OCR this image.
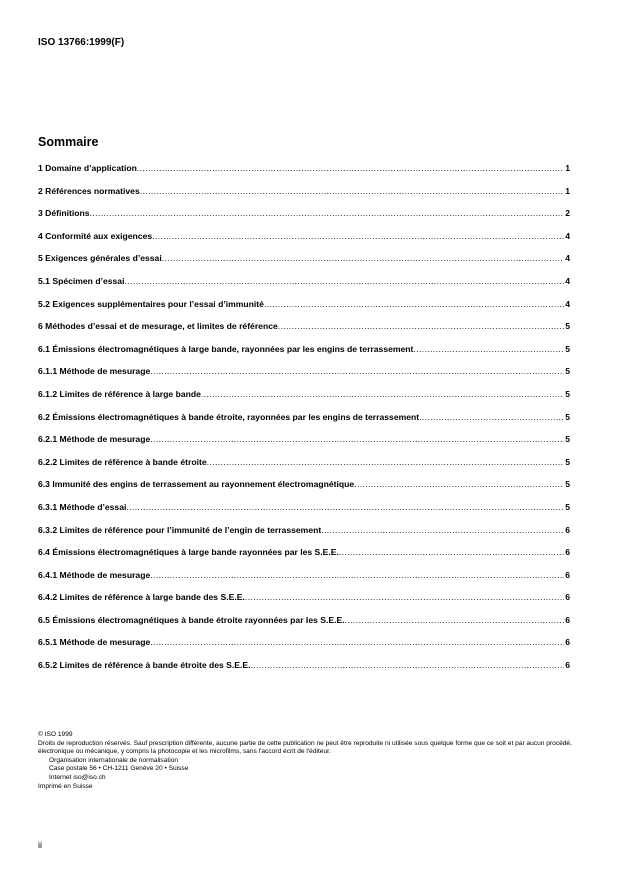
ISO 13766:1999(F)
Sommaire
1 Domaine d’application .....	1
2 Références normatives .....	1
3 Définitions .....	2
4 Conformité aux exigences .....	4
5 Exigences générales d’essai .....	4
5.1 Spécimen d’essai .....	4
5.2 Exigences supplémentaires pour l’essai d’immunité .....	4
6 Méthodes d’essai et de mesurage, et limites de référence .....	5
6.1 Émissions électromagnétiques à large bande, rayonnées par les engins de terrassement .....	5
6.1.1 Méthode de mesurage .....	5
6.1.2 Limites de référence à large bande .....	5
6.2 Émissions électromagnétiques à bande étroite, rayonnées par les engins de terrassement .....	5
6.2.1 Méthode de mesurage .....	5
6.2.2 Limites de référence à bande étroite .....	5
6.3 Immunité des engins de terrassement au rayonnement électromagnétique .....	5
6.3.1 Méthode d’essai .....	5
6.3.2 Limites de référence pour l’immunité de l’engin de terrassement .....	6
6.4 Émissions électromagnétiques à large bande rayonnées par les S.E.E. .....	6
6.4.1 Méthode de mesurage .....	6
6.4.2 Limites de référence à large bande des S.E.E. .....	6
6.5 Émissions électromagnétiques à bande étroite rayonnées par les S.E.E. .....	6
6.5.1 Méthode de mesurage .....	6
6.5.2 Limites de référence à bande étroite des S.E.E. .....	6
© ISO 1999
Droits de reproduction réservés. Sauf prescription différente, aucune partie de cette publication ne peut être reproduite ni utilisée sous quelque forme que ce soit et par aucun procédé, électronique ou mécanique, y compris la photocopie et les microfilms, sans l'accord écrit de l'éditeur.
Organisation internationale de normalisation
Case postale 56 • CH-1211 Genève 20 • Suisse
Internet iso@iso.ch
Imprimé en Suisse
ii
